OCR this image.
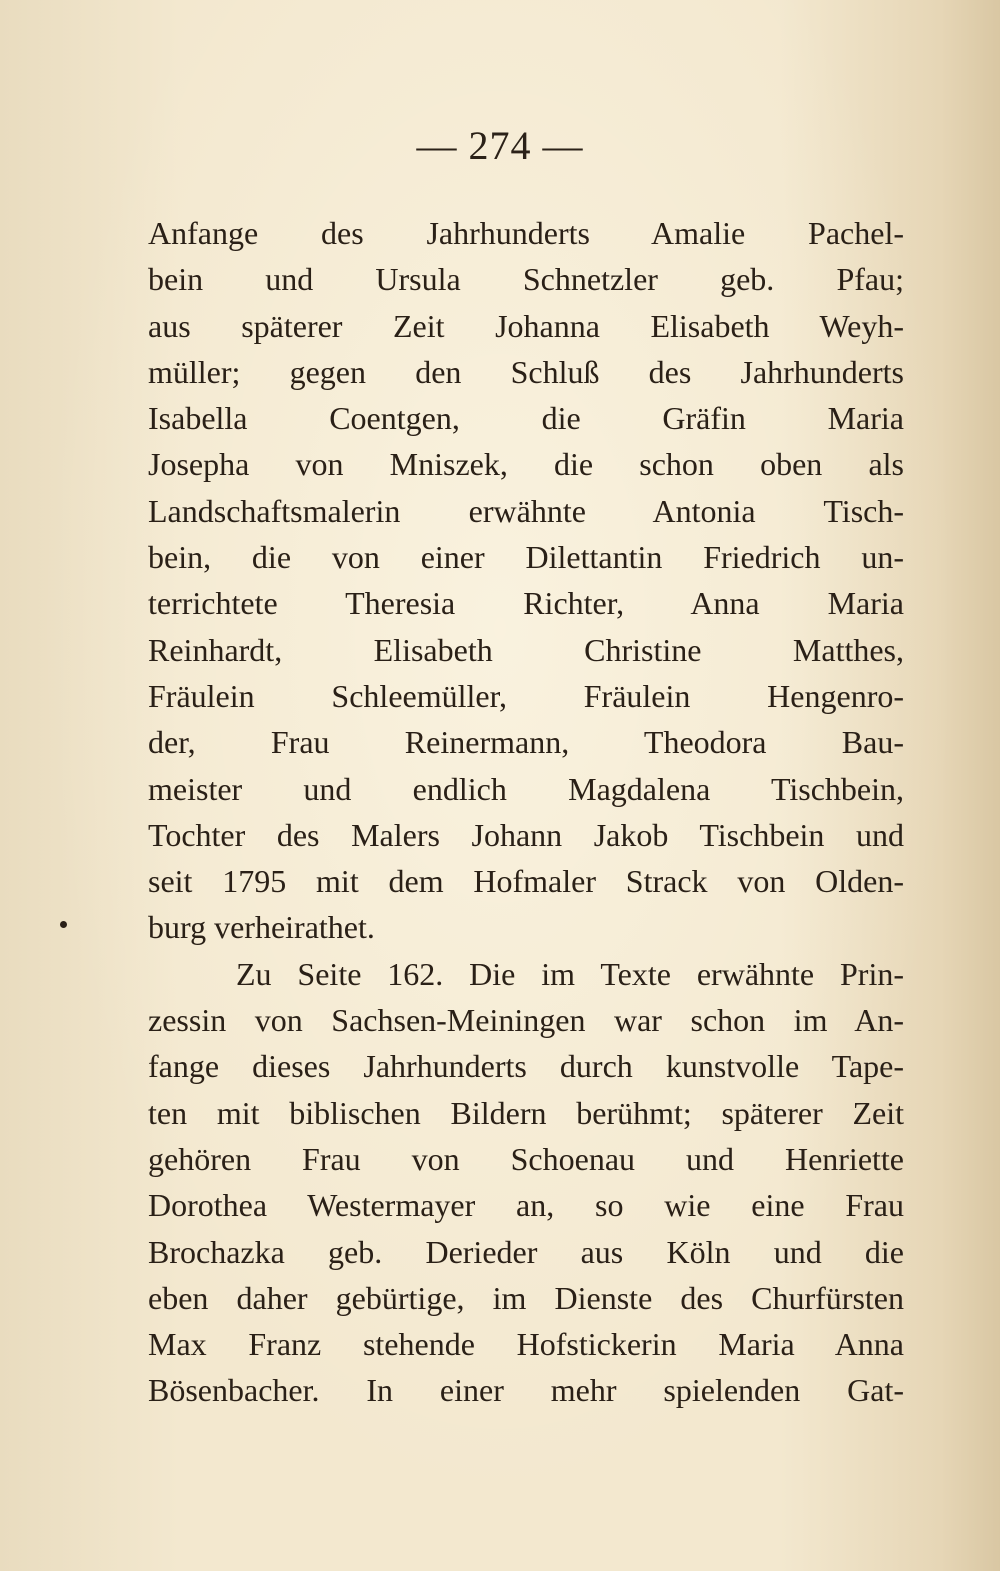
— 274 —
Anfange des Jahrhunderts Amalie Pachel-
bein und Ursula Schnetzler geb. Pfau;
aus späterer Zeit Johanna Elisabeth Weyh-
müller; gegen den Schluß des Jahrhunderts
Isabella Coentgen, die Gräfin Maria
Josepha von Mniszek, die schon oben als
Landschaftsmalerin erwähnte Antonia Tisch-
bein, die von einer Dilettantin Friedrich un-
terrichtete Theresia Richter, Anna Maria
Reinhardt, Elisabeth Christine Matthes,
Fräulein Schleemüller, Fräulein Hengenro-
der, Frau Reinermann, Theodora Bau-
meister und endlich Magdalena Tischbein,
Tochter des Malers Johann Jakob Tischbein und
seit 1795 mit dem Hofmaler Strack von Olden-
burg verheirathet.
Zu Seite 162. Die im Texte erwähnte Prin-
zessin von Sachsen-Meiningen war schon im An-
fange dieses Jahrhunderts durch kunstvolle Tape-
ten mit biblischen Bildern berühmt; späterer Zeit
gehören Frau von Schoenau und Henriette
Dorothea Westermayer an, so wie eine Frau
Brochazka geb. Derieder aus Köln und die
eben daher gebürtige, im Dienste des Churfürsten
Max Franz stehende Hofstickerin Maria Anna
Bösenbacher. In einer mehr spielenden Gat-
